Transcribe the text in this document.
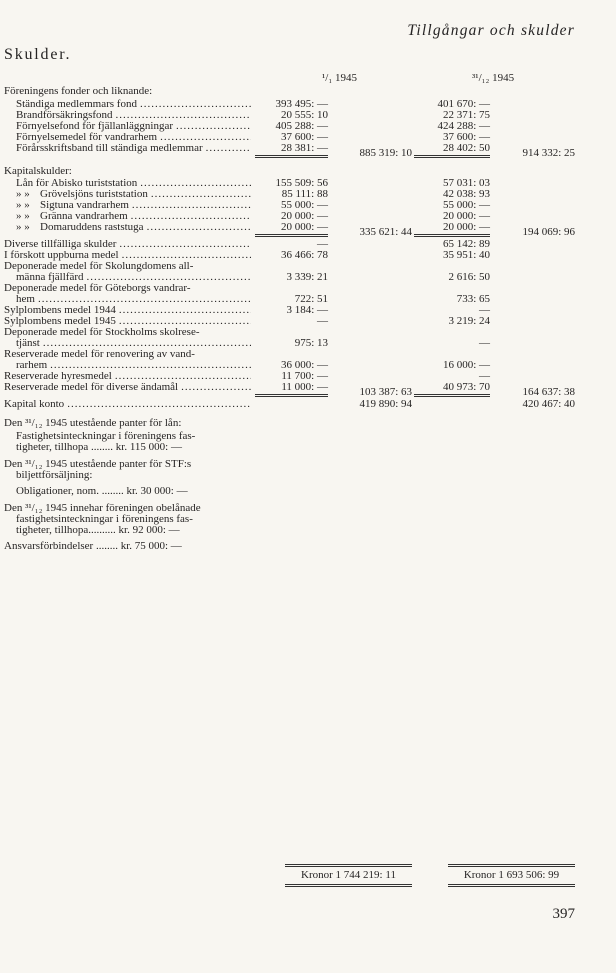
Tillgångar och skulder
Skulder.
¹/₁ 1945	³¹/₁₂ 1945
Föreningens fonder och liknande:
Ständiga medlemmars fond .....	393 495: —	401 670: —
Brandförsäkringsfond .....	20 555: 10	22 371: 75
Förnyelsefond för fjällanläggningar .....	405 288: —	424 288: —
Förnyelsemedel för vandrarhem .....	37 600: —	37 600: —
Förårsskriftsband till ständiga medlemmar .....	28 381: —	28 402: 50
885 319: 10	914 332: 25
Kapitalskulder:
Lån för Abisko turiststation .....	155 509: 56	57 031: 03
» » Grövelsjöns turiststation .....	85 111: 88	42 038: 93
» » Sigtuna vandrarhem .....	55 000: —	55 000: —
» » Gränna vandrarhem .....	20 000: —	20 000: —
» » Domaruddens raststuga .....	20 000: —	20 000: —
335 621: 44	194 069: 96
Diverse tillfälliga skulder .....	—	65 142: 89
I förskott uppburna medel .....	36 466: 78	35 951: 40
Deponerade medel för Skolungdomens all-
männa fjällfärd .....	3 339: 21	2 616: 50
Deponerade medel för Göteborgs vandrar-
hem .....	722: 51	733: 65
Sylplombens medel 1944 .....	3 184: —	—
Sylplombens medel 1945 .....	—	3 219: 24
Deponerade medel för Stockholms skolrese-
tjänst .....	975: 13	—
Reserverade medel för renovering av vand-
rarhem .....	36 000: —	16 000: —
Reserverade hyresmedel .....	11 700: —	—
Reserverade medel för diverse ändamål .....	11 000: —	40 973: 70
103 387: 63	164 637: 38
Kapital konto .....	419 890: 94	420 467: 40
Den ³¹/₁₂ 1945 utestående panter för lån:
Fastighetsinteckningar i föreningens fas-
tigheter, tillhopa ........ kr. 115 000: —
Den ³¹/₁₂ 1945 utestående panter för STF:s
biljettförsäljning:
Obligationer, nom. ........ kr. 30 000: —
Den ³¹/₁₂ 1945 innehar föreningen obelånade
fastighetsinteckningar i föreningens fas-
tigheter, tillhopa.......... kr. 92 000: —
Ansvarsförbindelser ........ kr. 75 000: —
Kronor 1 744 219: 11	Kronor 1 693 506: 99
397
